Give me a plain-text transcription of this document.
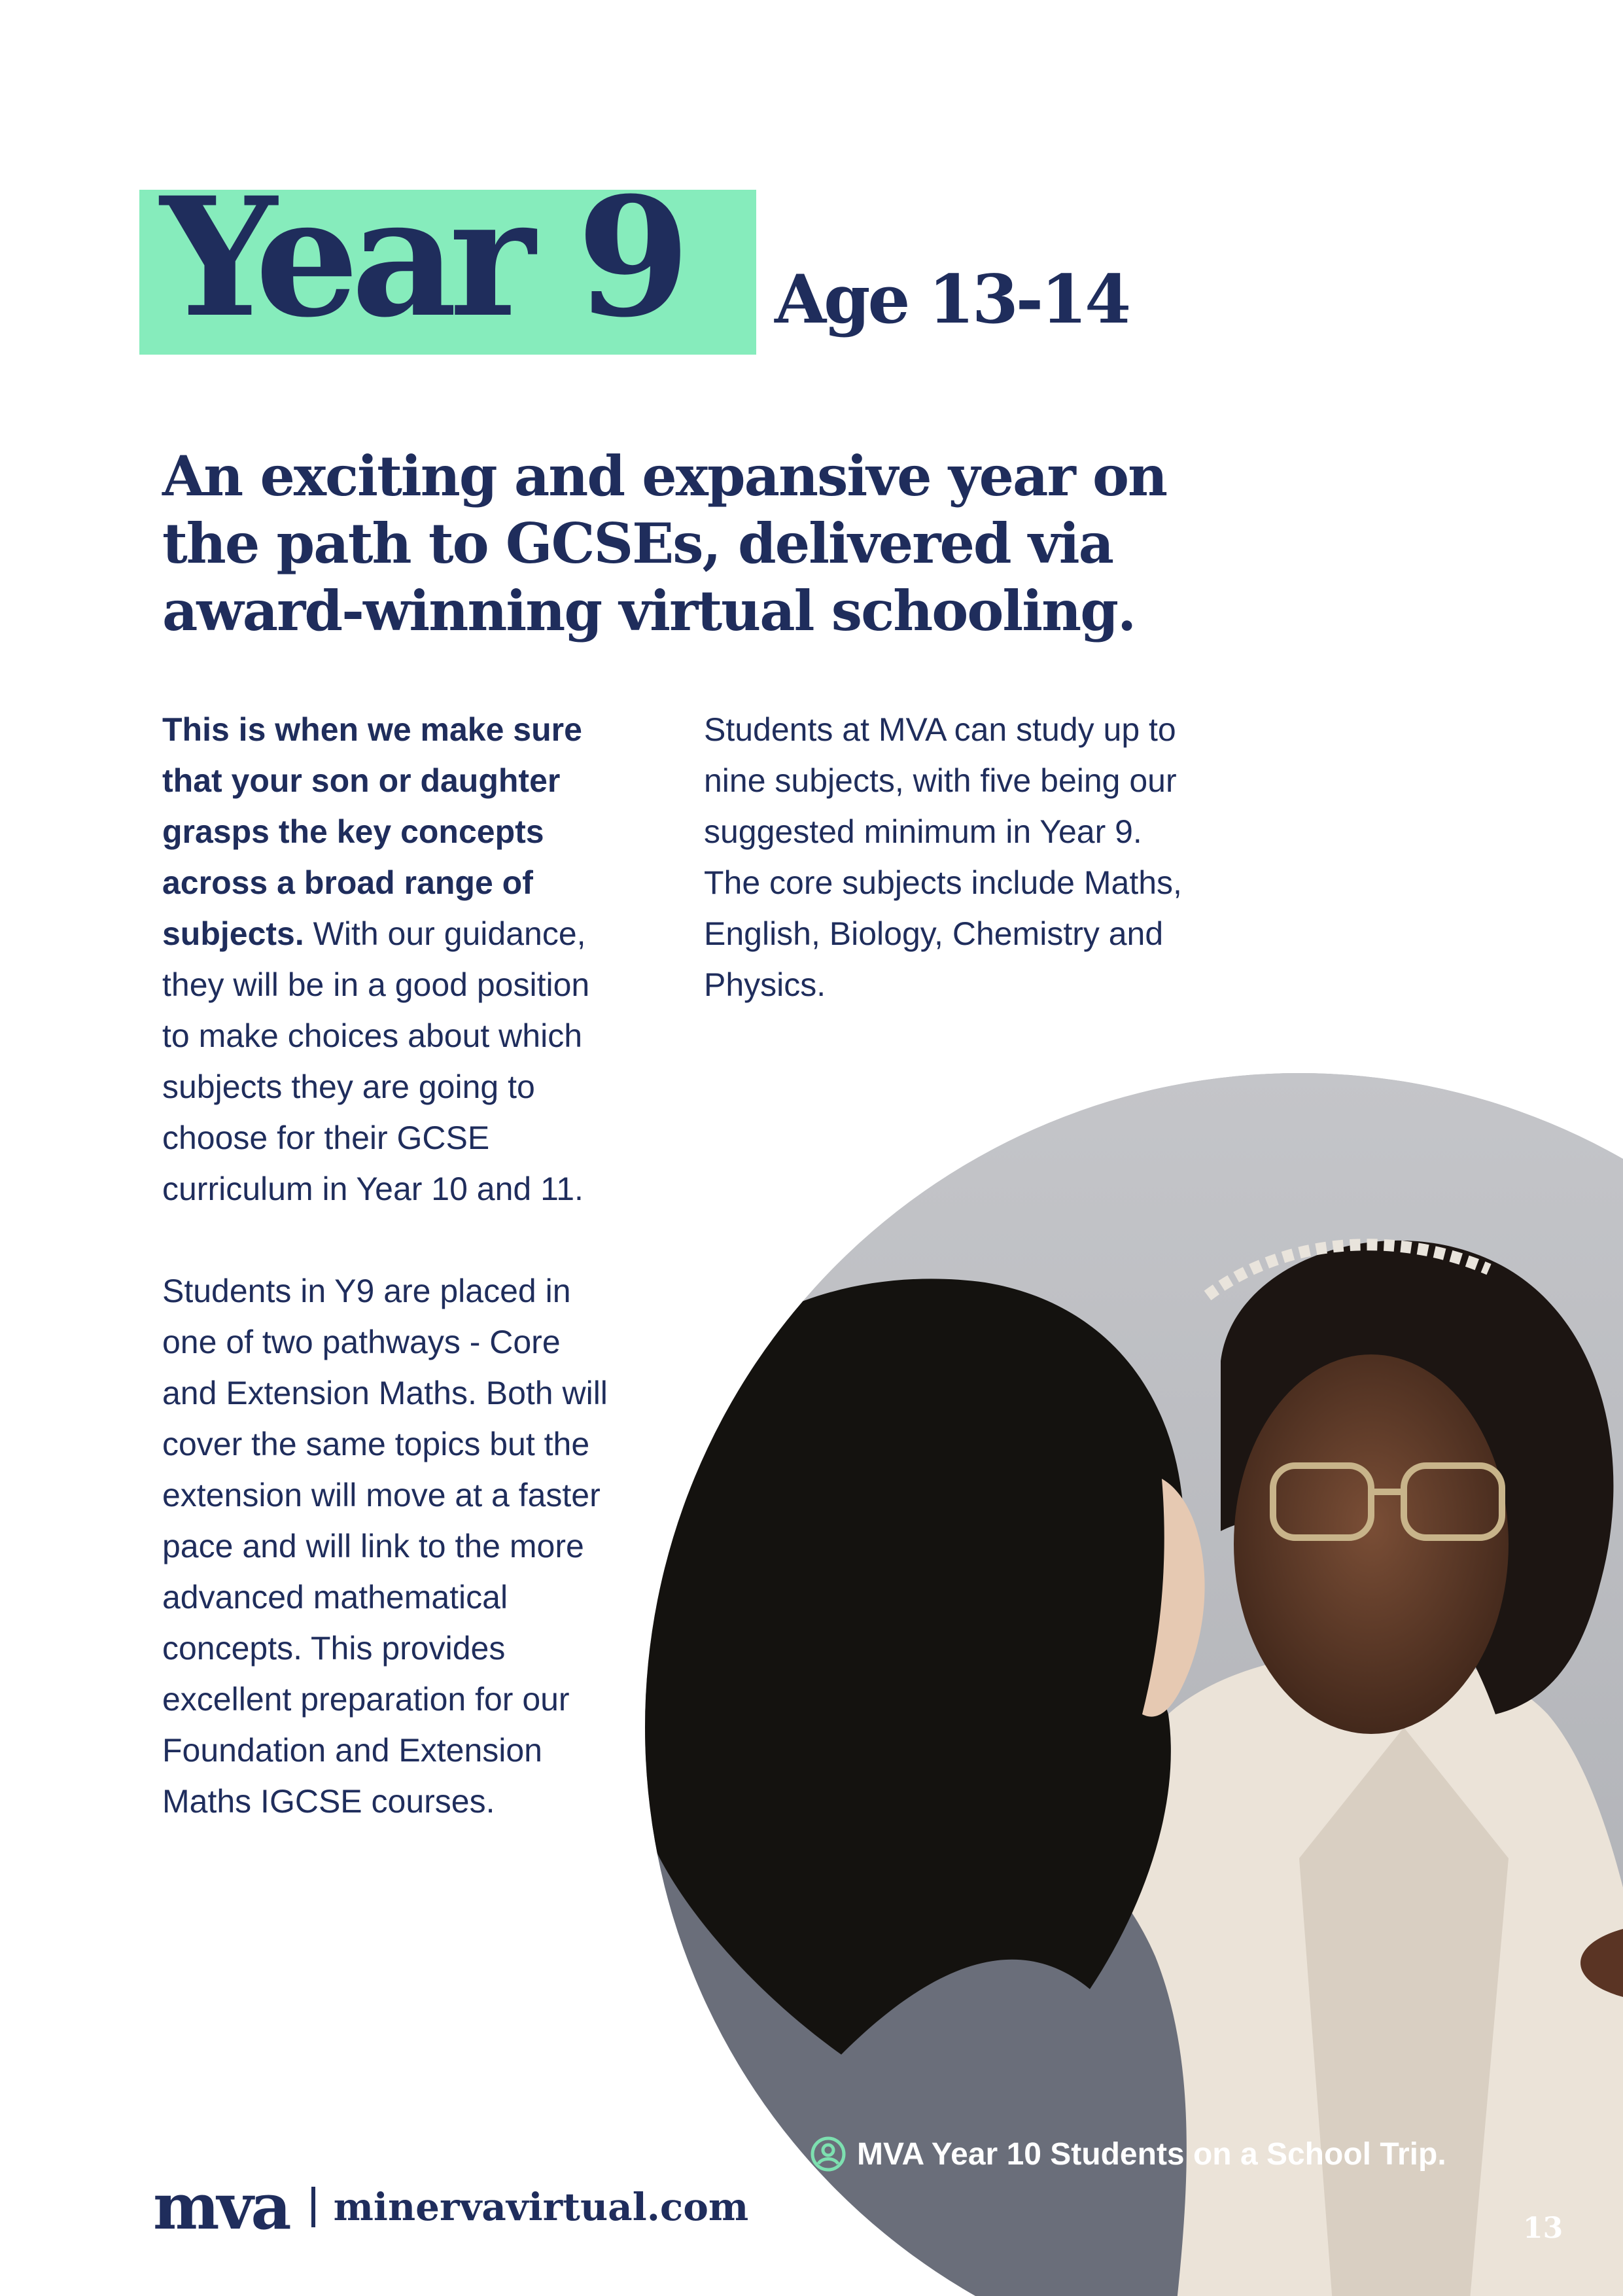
Year 9 Age 13-14
An exciting and expansive year on
the path to GCSEs, delivered via
award-winning virtual schooling.

This is when we make sure that your son or daughter grasps the key concepts across a broad range of subjects. With our guidance, they will be in a good position to make choices about which subjects they are going to choose for their GCSE curriculum in Year 10 and 11.

Students in Y9 are placed in one of two pathways - Core and Extension Maths. Both will cover the same topics but the extension will move at a faster pace and will link to the more advanced mathematical concepts. This provides excellent preparation for our Foundation and Extension Maths IGCSE courses.

Students at MVA can study up to nine subjects, with five being our suggested minimum in Year 9. The core subjects include Maths, English, Biology, Chemistry and Physics.

MVA Year 10 Students on a School Trip.
mva minervavirtual.com	13
